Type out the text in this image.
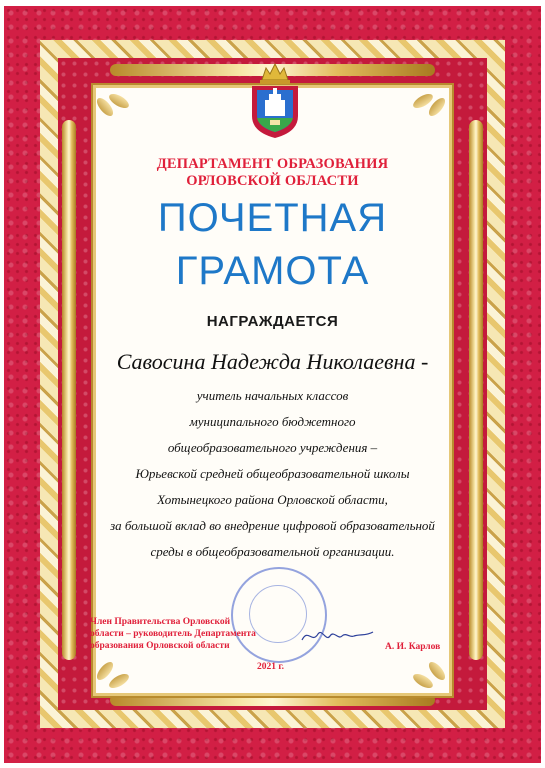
ДЕПАРТАМЕНТ ОБРАЗОВАНИЯ
ОРЛОВСКОЙ ОБЛАСТИ
ПОЧЕТНАЯ
ГРАМОТА
НАГРАЖДАЕТСЯ
Савосина Надежда Николаевна -
учитель начальных классов
муниципального бюджетного
общеобразовательного учреждения –
Юрьевской средней общеобразовательной школы
Хотынецкого района Орловской области,
за большой вклад во внедрение цифровой образовательной
среды в общеобразовательной организации.
Член Правительства Орловской
области – руководитель Департамента
образования Орловской области	А. И. Карлов
2021 г.
